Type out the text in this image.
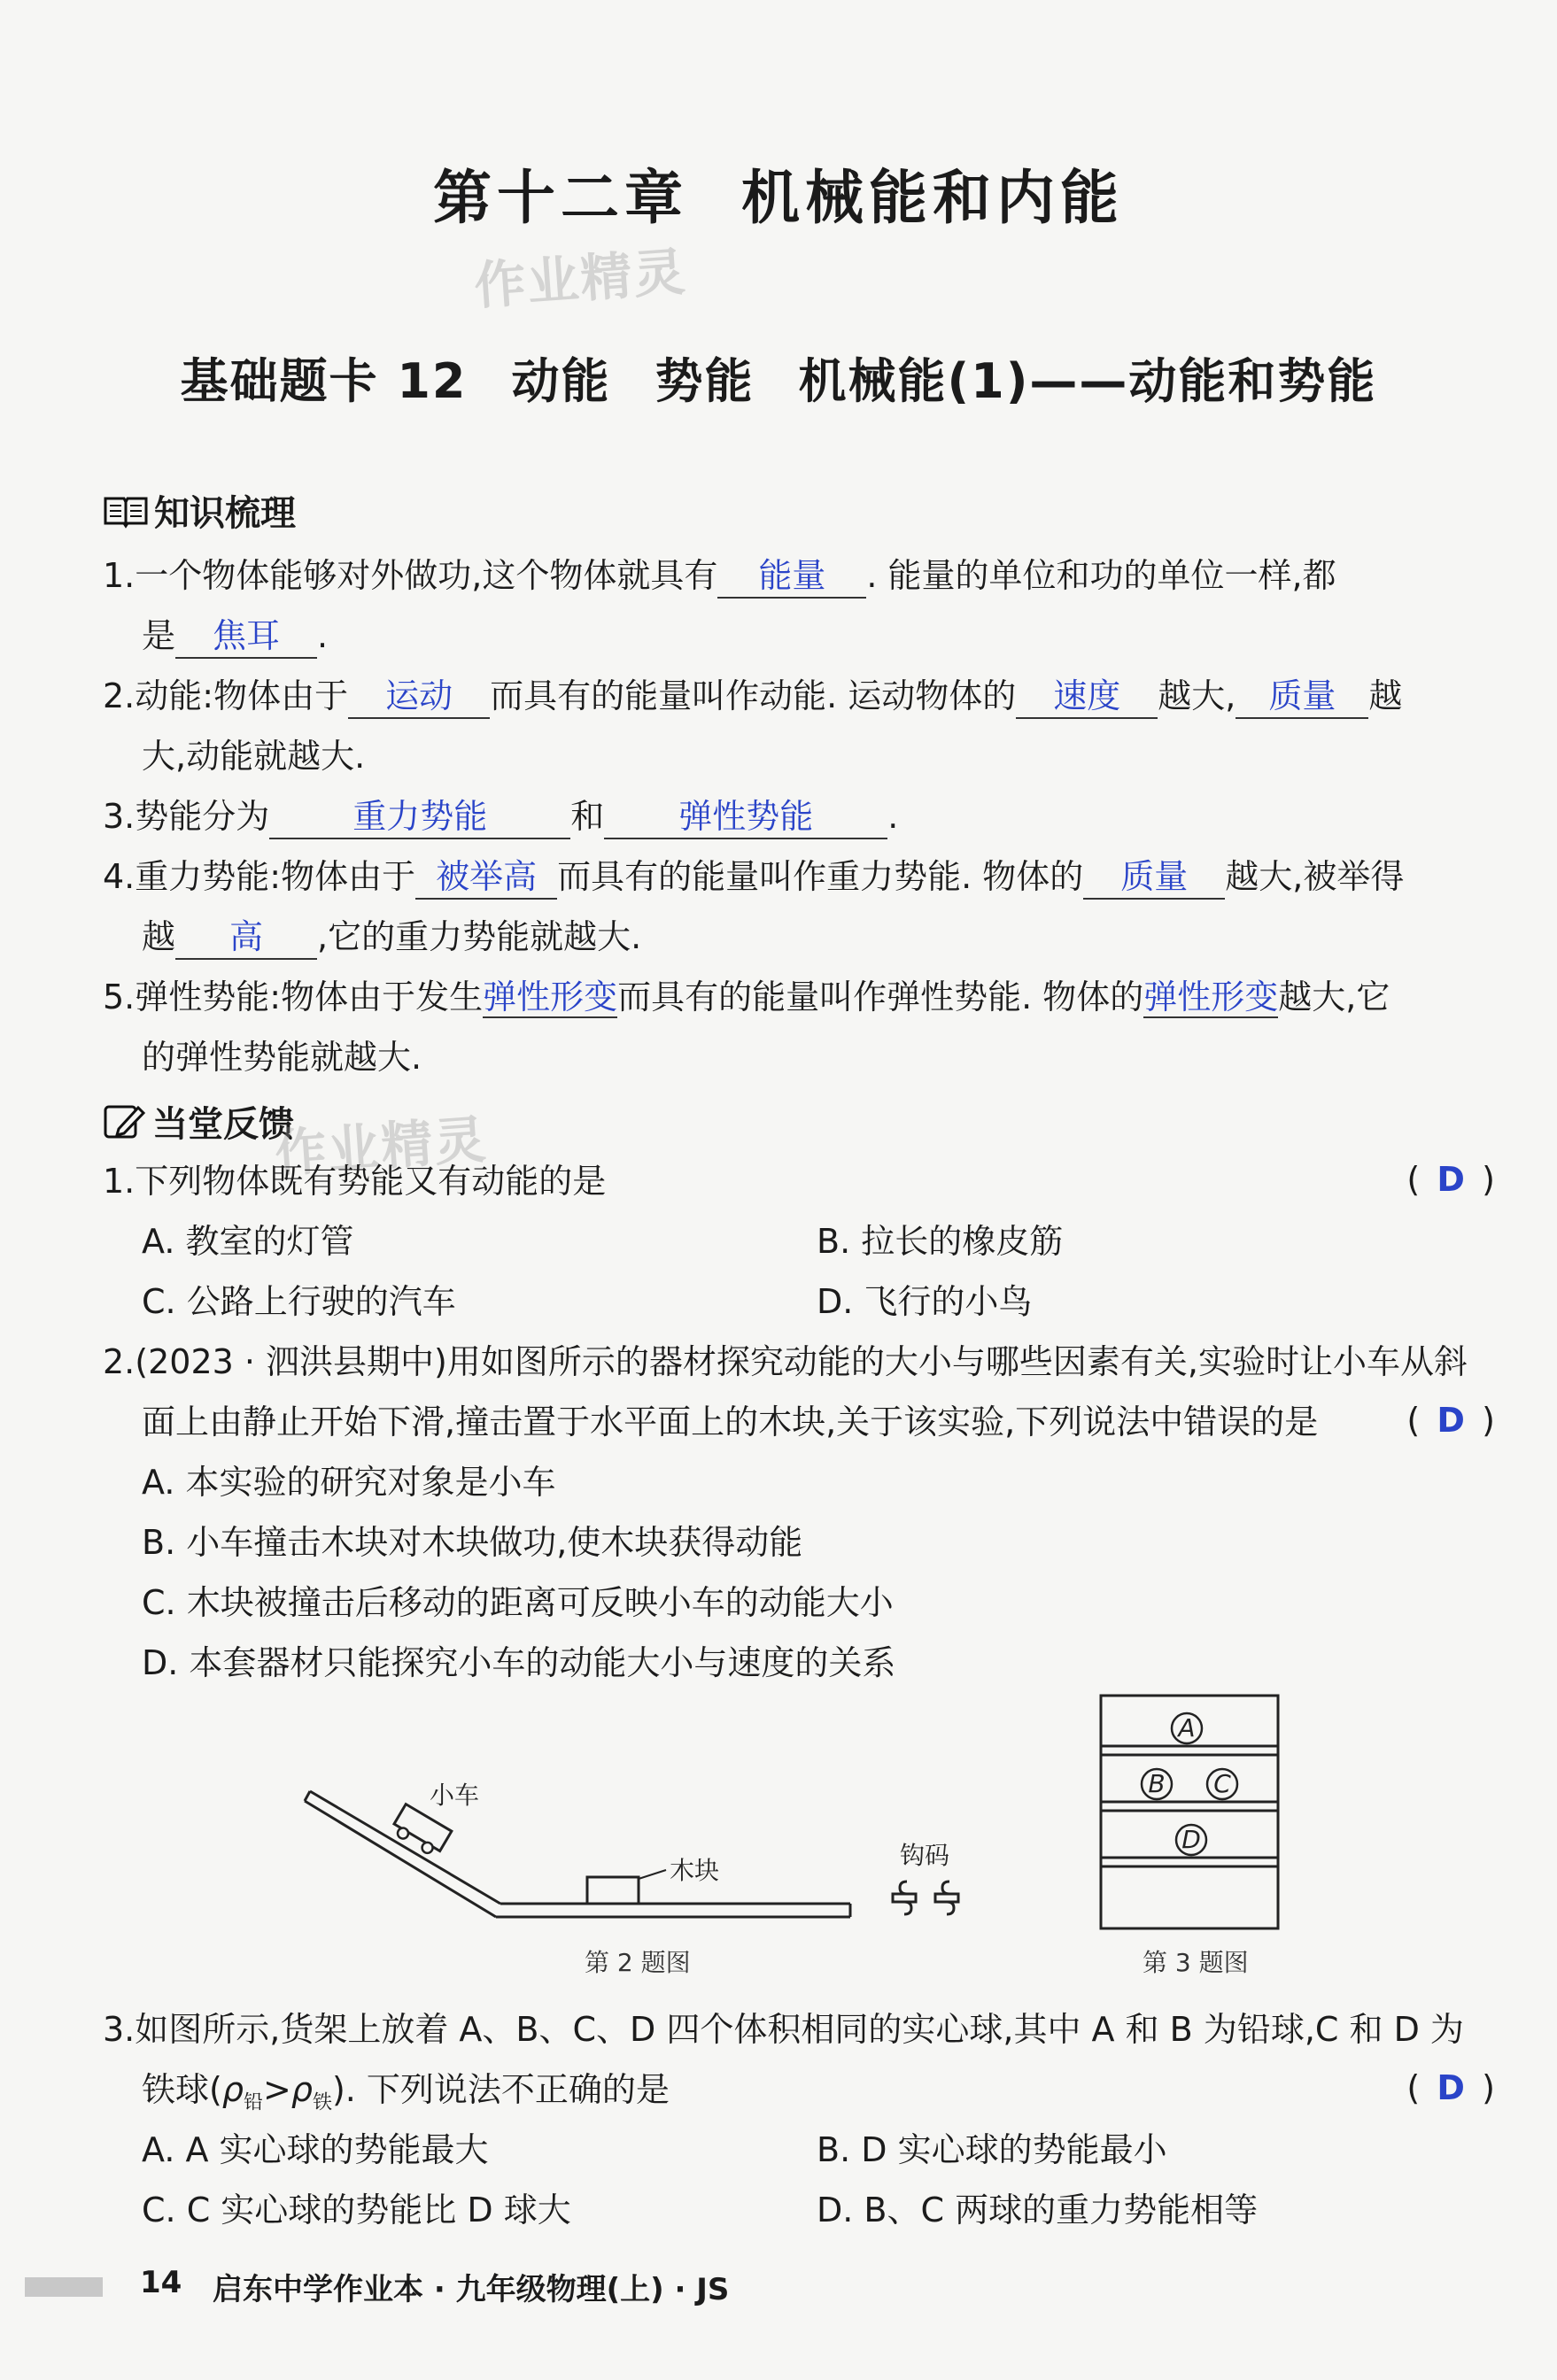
第十二章 机械能和内能
作业精灵
基础题卡 12 动能 势能 机械能(1)——动能和势能
知识梳理
1.一个物体能够对外做功,这个物体就具有 能量 . 能量的单位和功的单位一样,都
是 焦耳 .
2.动能:物体由于 运动 而具有的能量叫作动能. 运动物体的 速度 越大, 质量 越
大,动能就越大.
3.势能分为 重力势能 和 弹性势能 .
4.重力势能:物体由于 被举高 而具有的能量叫作重力势能. 物体的 质量 越大,被举得
越 高 ,它的重力势能就越大.
5.弹性势能:物体由于发生弹性形变而具有的能量叫作弹性势能. 物体的弹性形变越大,它
的弹性势能就越大.
当堂反馈
作业精灵
1.下列物体既有势能又有动能的是	( D )
A. 教室的灯管	B. 拉长的橡皮筋
C. 公路上行驶的汽车	D. 飞行的小鸟
2.(2023 · 泗洪县期中)用如图所示的器材探究动能的大小与哪些因素有关,实验时让小车从斜
面上由静止开始下滑,撞击置于水平面上的木块,关于该实验,下列说法中错误的是	( D )
A. 本实验的研究对象是小车
B. 小车撞击木块对木块做功,使木块获得动能
C. 木块被撞击后移动的距离可反映小车的动能大小
D. 本套器材只能探究小车的动能大小与速度的关系
小车
木块
钩码
A
B C
D
第 2 题图	第 3 题图
3.如图所示,货架上放着 A、B、C、D 四个体积相同的实心球,其中 A 和 B 为铅球,C 和 D 为
铁球$(\rho_铅>\rho_铁)$. 下列说法不正确的是	( D )
A. A 实心球的势能最大	B. D 实心球的势能最小
C. C 实心球的势能比 D 球大	D. B、C 两球的重力势能相等
14 启东中学作业本 · 九年级物理(上) · JS
